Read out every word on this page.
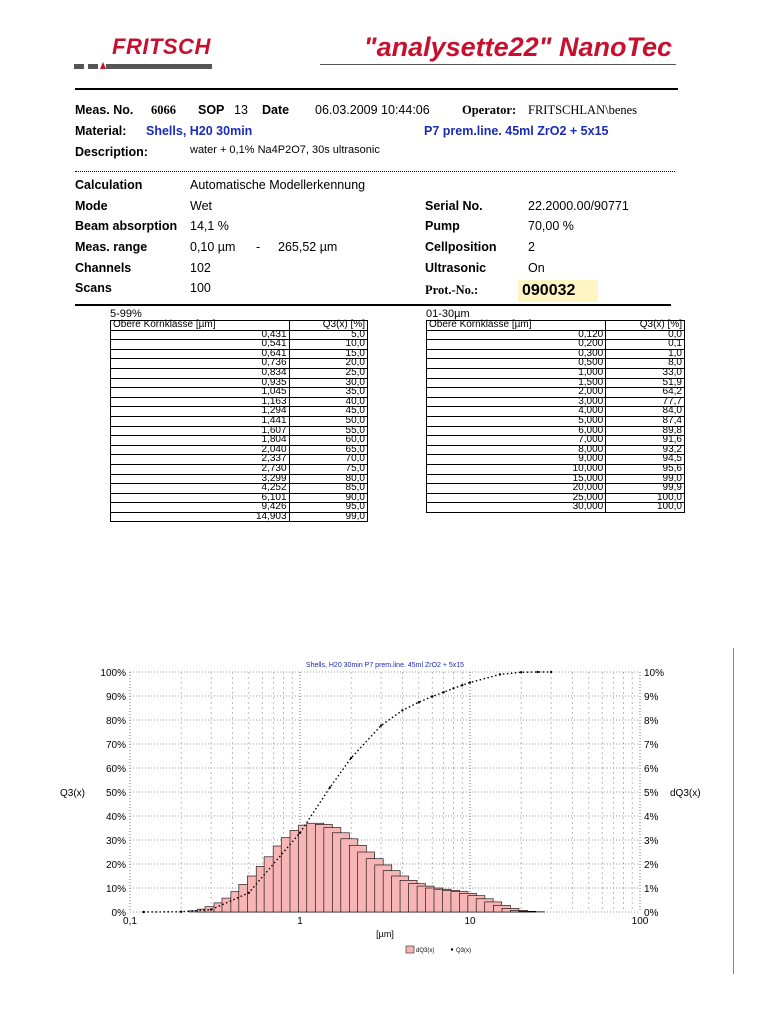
FRITSCH	"analysette22" NanoTec
Meas. No. 6066 SOP 13 Date 06.03.2009 10:44:06	Operator: FRITSCHLAN\benes
Material: Shells, H20 30min	P7 prem.line. 45ml ZrO2 + 5x15
Description:	water + 0,1% Na4P2O7, 30s ultrasonic
Calculation	Automatische Modellerkennung
Mode	Wet
Beam absorption 14,1 %
Meas. range	0,10 µm - 265,52 µm
Channels	102
Scans	100
Serial No.	22.2000.00/90771
Pump	70,00 %
Cellposition	2
Ultrasonic	On
Prot.-No.:	090032
5-99%
Obere Kornklasse [µm]	Q3(x) [%]
0,431	5,0
0,541	10,0
0,641	15,0
0,736	20,0
0,834	25,0
0,935	30,0
1,045	35,0
1,163	40,0
1,294	45,0
1,441	50,0
1,607	55,0
1,804	60,0
2,040	65,0
2,337	70,0
2,730	75,0
3,299	80,0
4,252	85,0
6,101	90,0
9,426	95,0
14,903	99,0
01-30µm
Obere Kornklasse [µm]	Q3(x) [%]
0,120	0,0
0,200	0,1
0,300	1,0
0,500	8,0
1,000	33,0
1,500	51,9
2,000	64,2
3,000	77,7
4,000	84,0
5,000	87,4
6,000	89,8
7,000	91,6
8,000	93,2
9,000	94,5
10,000	95,6
15,000	99,0
20,000	99,9
25,000	100,0
30,000	100,0
0%
10%
20%
30%
40%
50%
60%
70%
80%
90%
100%
0%
1%
2%
3%
4%
5%
6%
7%
8%
9%
10%
0,1	1	10	100
Shells, H20 30min P7 prem.line. 45ml ZrO2 + 5x15
[µm]
Q3(x)	dQ3(x)
dQ3(x)	Q3(x)
